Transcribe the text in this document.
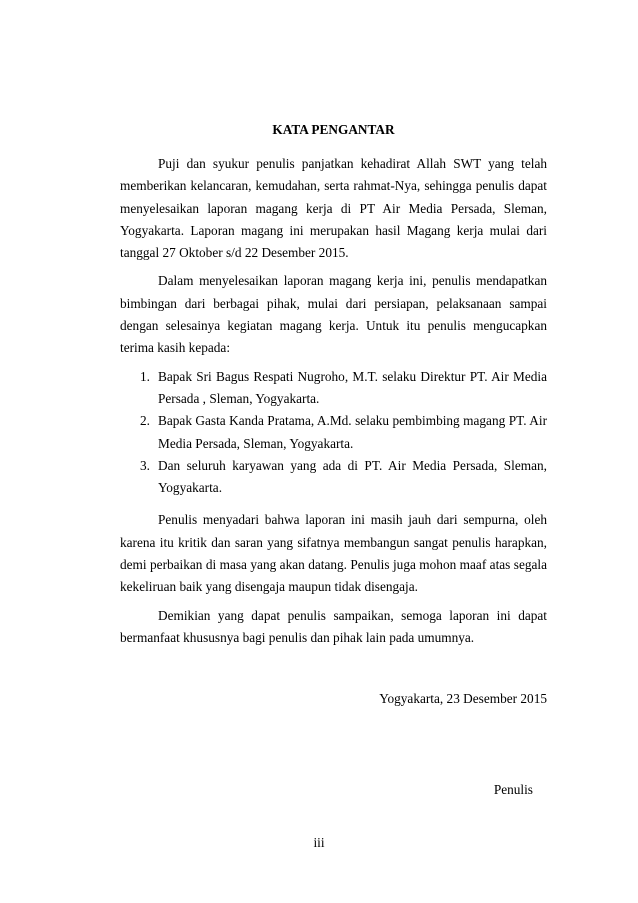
KATA PENGANTAR

Puji dan syukur penulis panjatkan kehadirat Allah SWT yang telah memberikan kelancaran, kemudahan, serta rahmat-Nya, sehingga penulis dapat menyelesaikan laporan magang kerja di PT Air Media Persada, Sleman, Yogyakarta. Laporan magang ini merupakan hasil Magang kerja mulai dari tanggal 27 Oktober s/d 22 Desember 2015.

Dalam menyelesaikan laporan magang kerja ini, penulis mendapatkan bimbingan dari berbagai pihak, mulai dari persiapan, pelaksanaan sampai dengan selesainya kegiatan magang kerja. Untuk itu penulis mengucapkan terima kasih kepada:

1. Bapak Sri Bagus Respati Nugroho, M.T. selaku Direktur PT. Air Media Persada , Sleman, Yogyakarta.
2. Bapak Gasta Kanda Pratama, A.Md. selaku pembimbing magang PT. Air Media Persada, Sleman, Yogyakarta.
3. Dan seluruh karyawan yang ada di PT. Air Media Persada, Sleman, Yogyakarta.

Penulis menyadari bahwa laporan ini masih jauh dari sempurna, oleh karena itu kritik dan saran yang sifatnya membangun sangat penulis harapkan, demi perbaikan di masa yang akan datang. Penulis juga mohon maaf atas segala kekeliruan baik yang disengaja maupun tidak disengaja.

Demikian yang dapat penulis sampaikan, semoga laporan ini dapat bermanfaat khususnya bagi penulis dan pihak lain pada umumnya.

Yogyakarta, 23 Desember 2015
Penulis
iii
